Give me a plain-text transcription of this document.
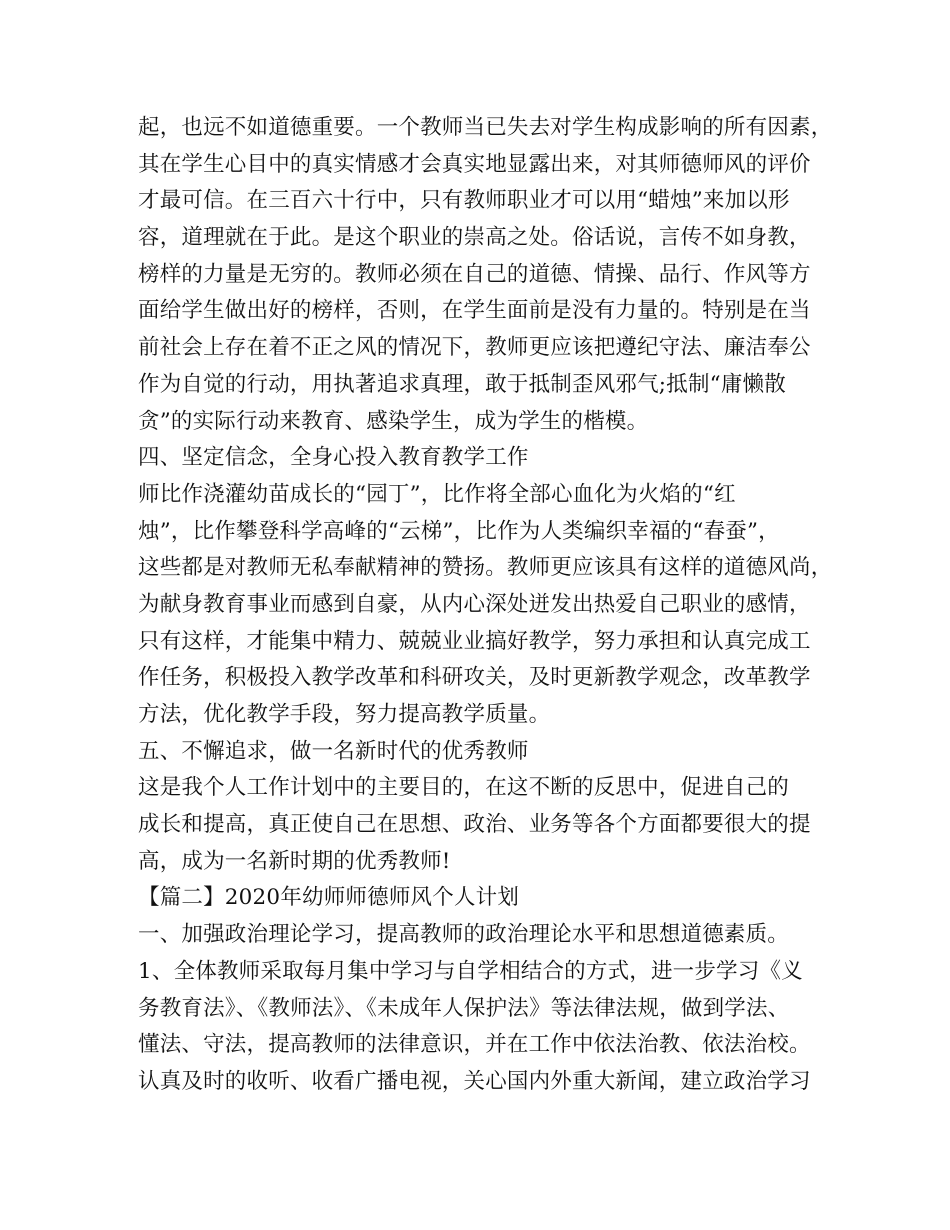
起，也远不如道德重要。一个教师当已失去对学生构成影响的所有因素，
其在学生心目中的真实情感才会真实地显露出来，对其师德师风的评价
才最可信。在三百六十行中，只有教师职业才可以用“蜡烛”来加以形
容，道理就在于此。是这个职业的崇高之处。俗话说，言传不如身教，
榜样的力量是无穷的。教师必须在自己的道德、情操、品行、作风等方
面给学生做出好的榜样，否则，在学生面前是没有力量的。特别是在当
前社会上存在着不正之风的情况下，教师更应该把遵纪守法、廉洁奉公
作为自觉的行动，用执著追求真理，敢于抵制歪风邪气;抵制“庸懒散
贪”的实际行动来教育、感染学生，成为学生的楷模。
四、坚定信念，全身心投入教育教学工作
师比作浇灌幼苗成长的“园丁”，比作将全部心血化为火焰的“红
烛”，比作攀登科学高峰的“云梯”，比作为人类编织幸福的“春蚕”，
这些都是对教师无私奉献精神的赞扬。教师更应该具有这样的道德风尚，
为献身教育事业而感到自豪，从内心深处迸发出热爱自己职业的感情，
只有这样，才能集中精力、兢兢业业搞好教学，努力承担和认真完成工
作任务，积极投入教学改革和科研攻关，及时更新教学观念，改革教学
方法，优化教学手段，努力提高教学质量。
五、不懈追求，做一名新时代的优秀教师
这是我个人工作计划中的主要目的，在这不断的反思中，促进自己的
成长和提高，真正使自己在思想、政治、业务等各个方面都要很大的提
高，成为一名新时期的优秀教师!
【篇二】2020年幼师师德师风个人计划
一、加强政治理论学习，提高教师的政治理论水平和思想道德素质。
1、全体教师采取每月集中学习与自学相结合的方式，进一步学习《义
务教育法》、《教师法》、《未成年人保护法》等法律法规，做到学法、
懂法、守法，提高教师的法律意识，并在工作中依法治教、依法治校。
认真及时的收听、收看广播电视，关心国内外重大新闻，建立政治学习
